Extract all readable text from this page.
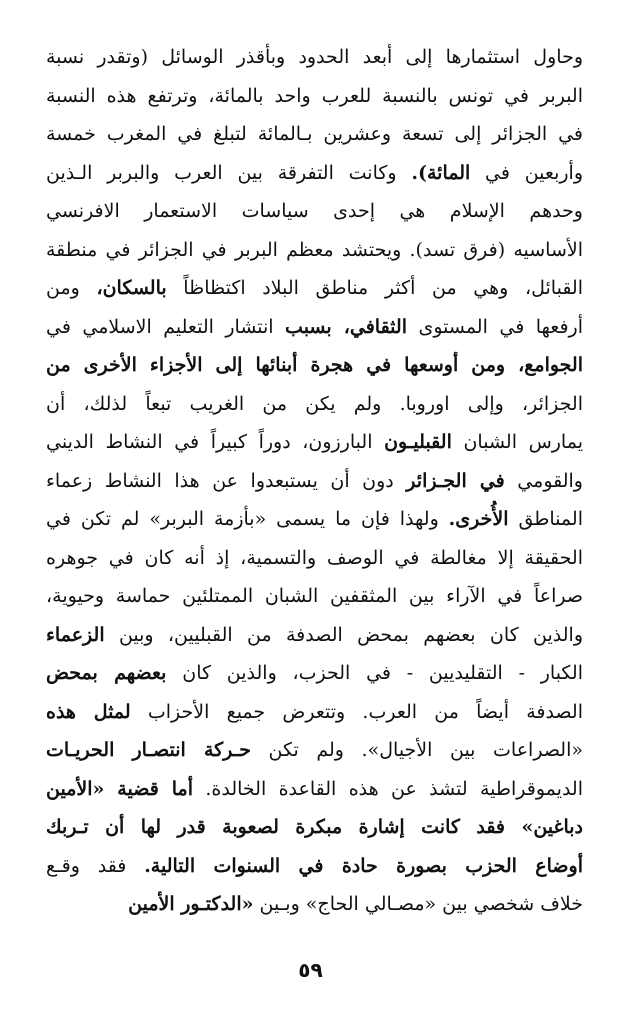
وحاول استثمارها إلى أبعد الحدود وبأقذر الوسائل (وتقدر نسبة
البربر في تونس بالنسبة للعرب واحد بالمائة، وترتفع هذه النسبة
في الجزائر إلى تسعة وعشرين بـالمائة لتبلغ في المغرب خمسة
وأربعين في المائة). وكانت التفرقة بين العرب والبربر الـذين
وحدهم الإسلام هي إحدى سياسات الاستعمار الافرنسي
الأساسيه (فرق تسد). ويحتشد معظم البربر في الجزائر في منطقة
القبائل، وهي من أكثر مناطق البلاد اكتظاظاً بالسكان، ومن
أرفعها في المستوى الثقافي، بسبب انتشار التعليم الاسلامي في
الجوامع، ومن أوسعها في هجرة أبنائها إلى الأجزاء الأخرى من
الجزائر، وإلى اوروبا. ولم يكن من الغريب تبعاً لذلك، أن
يمارس الشبان القبليـون البارزون، دوراً كبيراً في النشاط الديني
والقومي في الجـزائر دون أن يستبعدوا عن هذا النشاط زعماء
المناطق الأُخرى. ولهذا فإن ما يسمى «بأزمة البربر» لم تكن في
الحقيقة إلا مغالطة في الوصف والتسمية، إذ أنه كان في جوهره
صراعاً في الآراء بين المثقفين الشبان الممتلئين حماسة وحيوية،
والذين كان بعضهم بمحض الصدفة من القبليين، وبين الزعماء
الكبار - التقليديين - في الحزب، والذين كان بعضهم بمحض
الصدفة أيضاً من العرب. وتتعرض جميع الأحزاب لمثل هذه
«الصراعات بين الأجيال». ولم تكن حـركة انتصـار الحريـات
الديموقراطية لتشذ عن هذه القاعدة الخالدة. أما قضية «الأمين
دباغين» فقد كانت إشارة مبكرة لصعوبة قدر لها أن تـربك
أوضاع الحزب بصورة حادة في السنوات التالية. فقد وقـع
خلاف شخصي بين «مصـالي الحاج» وبـين «الدكتـور الأمين
٥٩
